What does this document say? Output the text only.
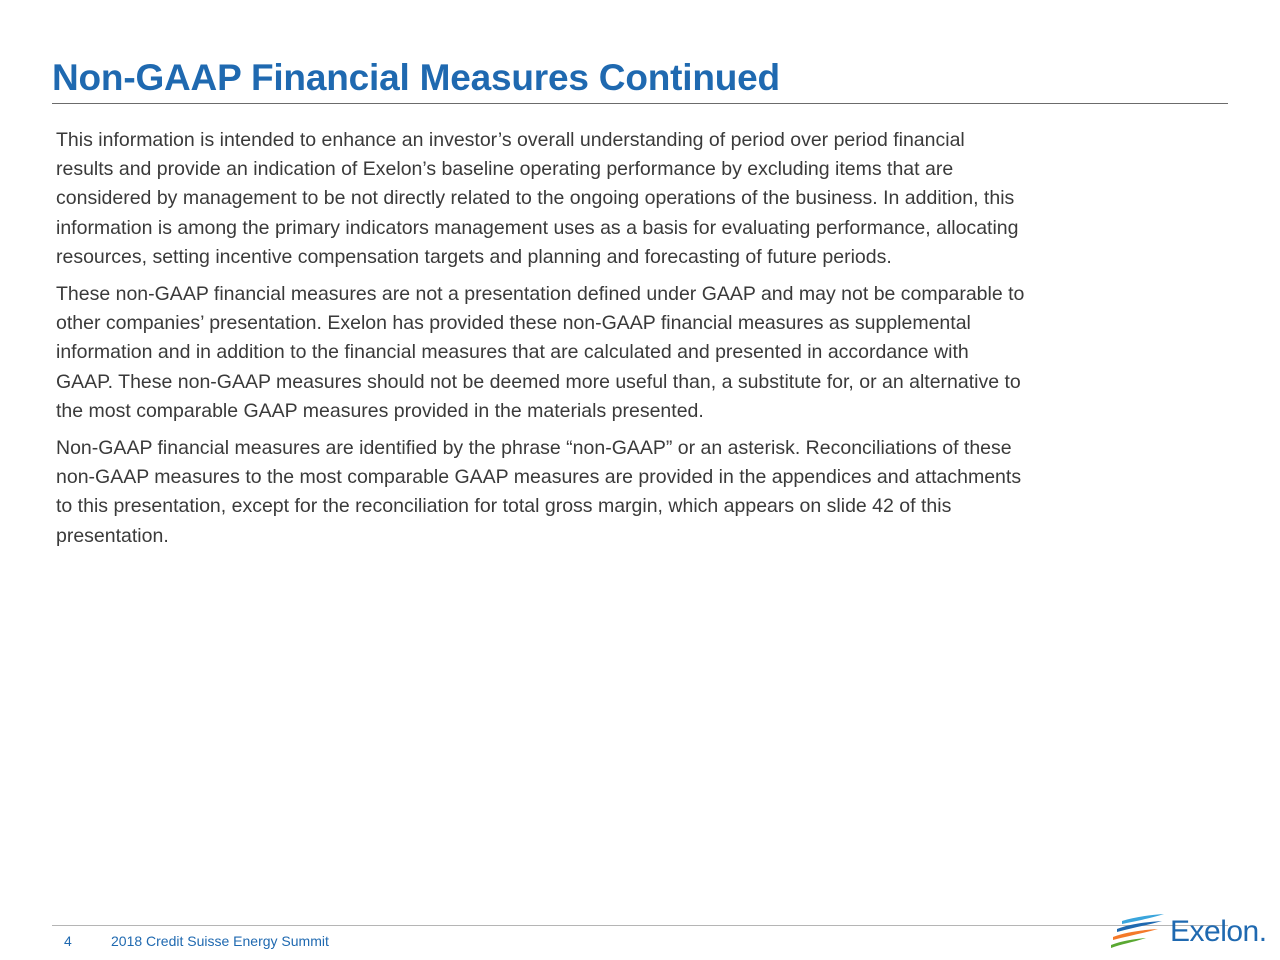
Non-GAAP Financial Measures Continued

This information is intended to enhance an investor’s overall understanding of period over period financial
results and provide an indication of Exelon’s baseline operating performance by excluding items that are
considered by management to be not directly related to the ongoing operations of the business. In addition, this
information is among the primary indicators management uses as a basis for evaluating performance, allocating
resources, setting incentive compensation targets and planning and forecasting of future periods.

These non-GAAP financial measures are not a presentation defined under GAAP and may not be comparable to
other companies’ presentation. Exelon has provided these non-GAAP financial measures as supplemental
information and in addition to the financial measures that are calculated and presented in accordance with
GAAP. These non-GAAP measures should not be deemed more useful than, a substitute for, or an alternative to
the most comparable GAAP measures provided in the materials presented.

Non-GAAP financial measures are identified by the phrase “non-GAAP” or an asterisk. Reconciliations of these
non-GAAP measures to the most comparable GAAP measures are provided in the appendices and attachments
to this presentation, except for the reconciliation for total gross margin, which appears on slide 42 of this
presentation.

4	2018 Credit Suisse Energy Summit	Exelon.
